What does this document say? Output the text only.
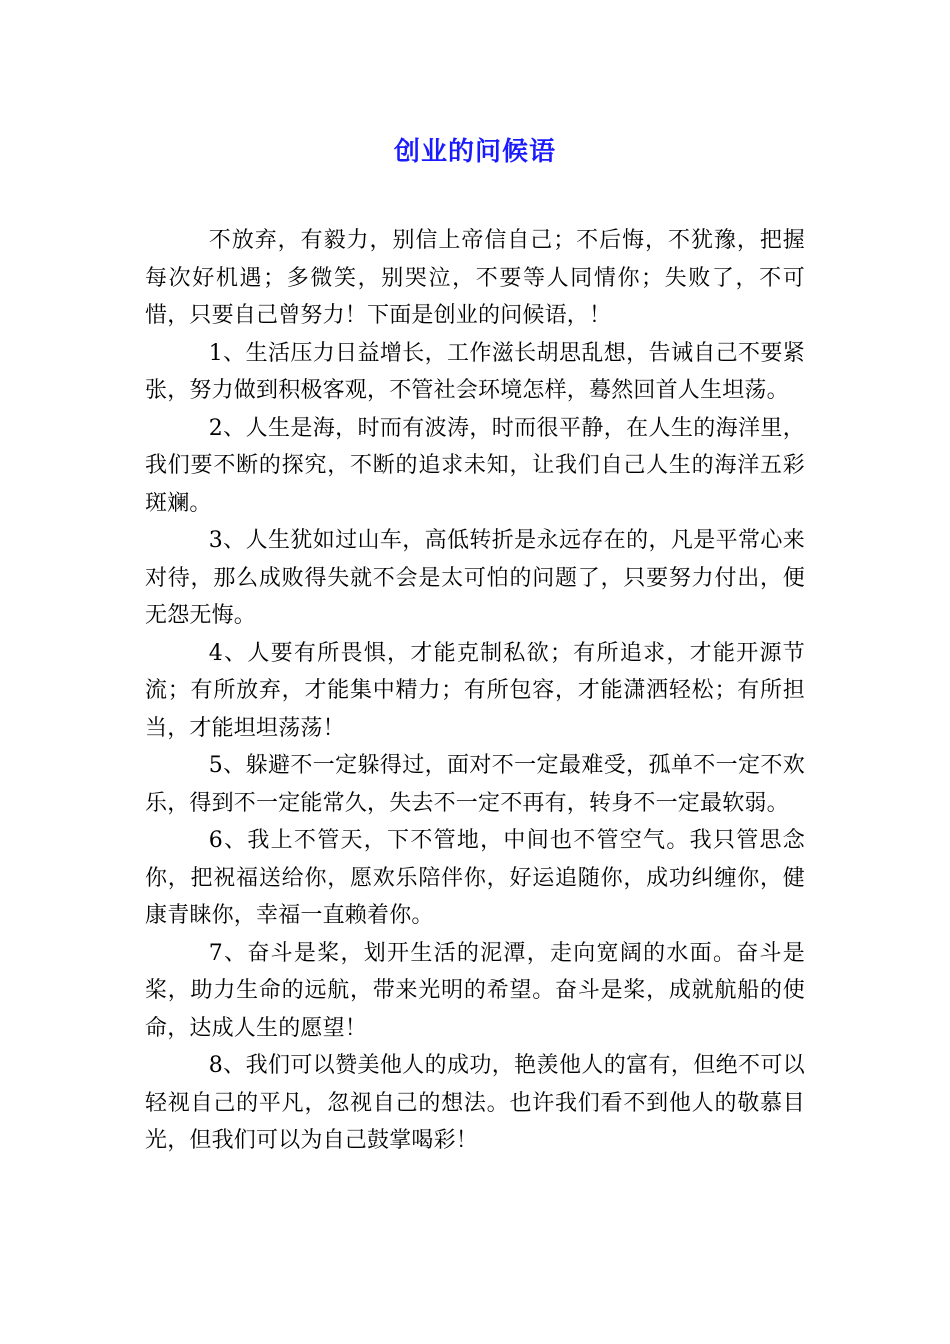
创业的问候语

不放弃，有毅力，别信上帝信自己；不后悔，不犹豫，把握每次好机遇；多微笑，别哭泣，不要等人同情你；失败了，不可惜，只要自己曾努力！下面是创业的问候语，！

1、生活压力日益增长，工作滋长胡思乱想，告诫自己不要紧张，努力做到积极客观，不管社会环境怎样，蓦然回首人生坦荡。

2、人生是海，时而有波涛，时而很平静，在人生的海洋里，我们要不断的探究，不断的追求未知，让我们自己人生的海洋五彩斑斓。

3、人生犹如过山车，高低转折是永远存在的，凡是平常心来对待，那么成败得失就不会是太可怕的问题了，只要努力付出，便无怨无悔。

4、人要有所畏惧，才能克制私欲；有所追求，才能开源节流；有所放弃，才能集中精力；有所包容，才能潇洒轻松；有所担当，才能坦坦荡荡！

5、躲避不一定躲得过，面对不一定最难受，孤单不一定不欢乐，得到不一定能常久，失去不一定不再有，转身不一定最软弱。

6、我上不管天，下不管地，中间也不管空气。我只管思念你，把祝福送给你，愿欢乐陪伴你，好运追随你，成功纠缠你，健康青睐你，幸福一直赖着你。

7、奋斗是桨，划开生活的泥潭，走向宽阔的水面。奋斗是桨，助力生命的远航，带来光明的希望。奋斗是桨，成就航船的使命，达成人生的愿望！

8、我们可以赞美他人的成功，艳羡他人的富有，但绝不可以轻视自己的平凡，忽视自己的想法。也许我们看不到他人的敬慕目光，但我们可以为自己鼓掌喝彩！
